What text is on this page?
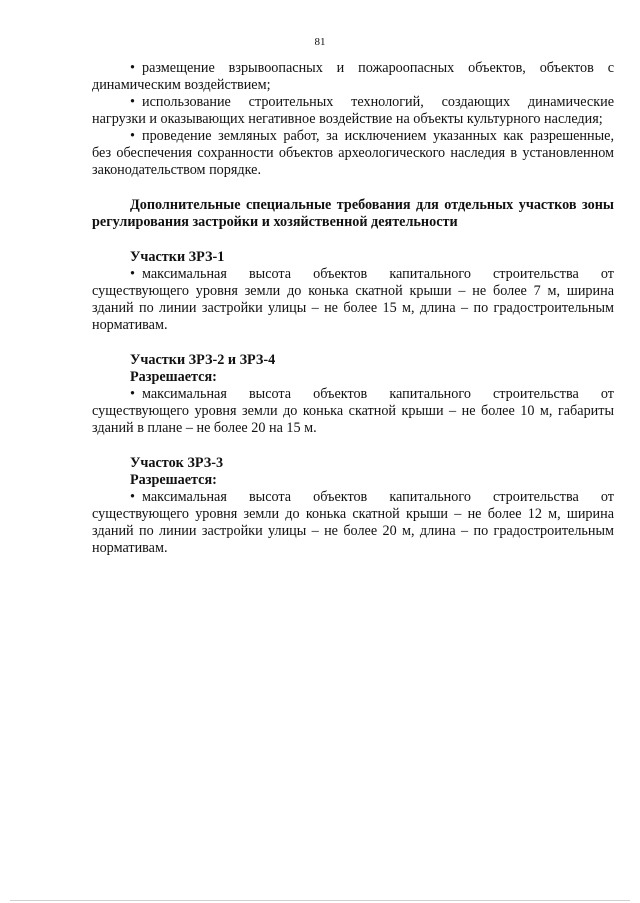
81

• размещение взрывоопасных и пожароопасных объектов, объектов с динамическим воздействием;

• использование строительных технологий, создающих динамические нагрузки и оказывающих негативное воздействие на объекты культурного наследия;

• проведение земляных работ, за исключением указанных как разрешенные, без обеспечения сохранности объектов археологического наследия в установленном законодательством порядке.

Дополнительные специальные требования для отдельных участков зоны регулирования застройки и хозяйственной деятельности

Участки ЗРЗ-1

• максимальная высота объектов капитального строительства от существующего уровня земли до конька скатной крыши – не более 7 м, ширина зданий по линии застройки улицы – не более 15 м, длина – по градостроительным нормативам.

Участки ЗРЗ-2 и ЗРЗ-4

Разрешается:

• максимальная высота объектов капитального строительства от существующего уровня земли до конька скатной крыши – не более 10 м, габариты зданий в плане – не более 20 на 15 м.

Участок ЗРЗ-3

Разрешается:

• максимальная высота объектов капитального строительства от существующего уровня земли до конька скатной крыши – не более 12 м, ширина зданий по линии застройки улицы – не более 20 м, длина – по градостроительным нормативам.
